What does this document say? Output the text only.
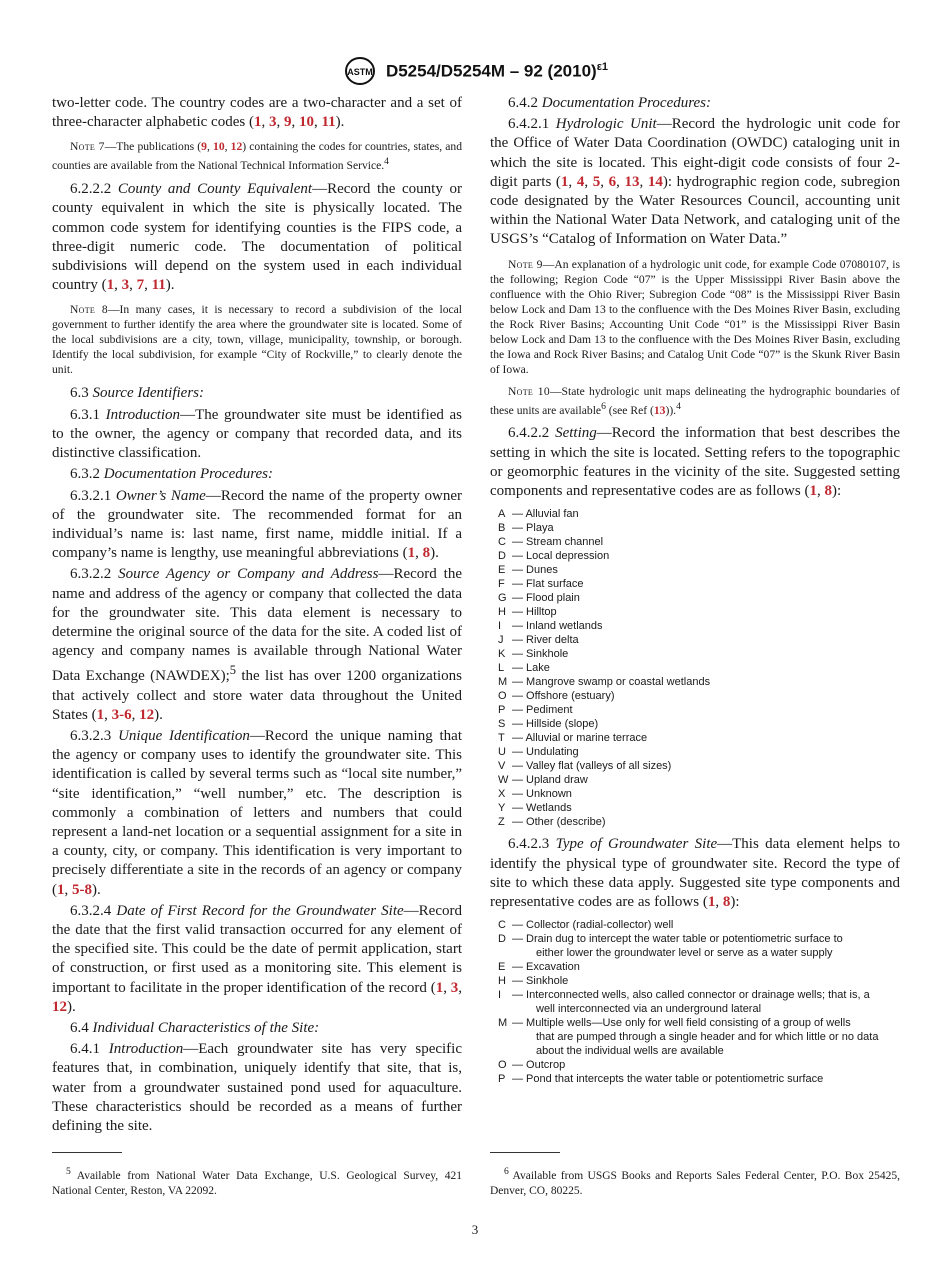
ASTM D5254/D5254M – 92 $(2010)^{\varepsilon 1}$

two-letter code. The country codes are a two-character and a set of three-character alphabetic codes (1, 3, 9, 10, 11).

Note 7—The publications (9, 10, 12) containing the codes for countries, states, and counties are available from the National Technical Information Service.$^4$

6.2.2.2 County and County Equivalent—Record the county or county equivalent in which the site is physically located. The common code system for identifying counties is the FIPS code, a three-digit numeric code. The documentation of political subdivisions will depend on the system used in each individual country (1, 3, 7, 11).

Note 8—In many cases, it is necessary to record a subdivision of the local government to further identify the area where the groundwater site is located. Some of the local subdivisions are a city, town, village, municipality, township, or borough. Identify the local subdivision, for example “City of Rockville,” to clearly denote the unit.

6.3 Source Identifiers:

6.3.1 Introduction—The groundwater site must be identified as to the owner, the agency or company that recorded data, and its distinctive classification.

6.3.2 Documentation Procedures:

6.3.2.1 Owner’s Name—Record the name of the property owner of the groundwater site. The recommended format for an individual’s name is: last name, first name, middle initial. If a company’s name is lengthy, use meaningful abbreviations (1, 8).

6.3.2.2 Source Agency or Company and Address—Record the name and address of the agency or company that collected the data for the groundwater site. This data element is necessary to determine the original source of the data for the site. A coded list of agency and company names is available through National Water Data Exchange (NAWDEX);$^5$ the list has over 1200 organizations that actively collect and store water data throughout the United States (1, 3-6, 12).

6.3.2.3 Unique Identification—Record the unique naming that the agency or company uses to identify the groundwater site. This identification is called by several terms such as “local site number,” “site identification,” “well number,” etc. The description is commonly a combination of letters and numbers that could represent a land-net location or a sequential assignment for a site in a county, city, or company. This identification is very important to precisely differentiate a site in the records of an agency or company (1, 5-8).

6.3.2.4 Date of First Record for the Groundwater Site—Record the date that the first valid transaction occurred for any element of the specified site. This could be the date of permit application, start of construction, or first used as a monitoring site. This element is important to facilitate in the proper identification of the record (1, 3, 12).

6.4 Individual Characteristics of the Site:

6.4.1 Introduction—Each groundwater site has very specific features that, in combination, uniquely identify that site, that is, water from a groundwater sustained pond used for aquaculture. These characteristics should be recorded as a means of further defining the site.

6.4.2 Documentation Procedures:

6.4.2.1 Hydrologic Unit—Record the hydrologic unit code for the Office of Water Data Coordination (OWDC) cataloging unit in which the site is located. This eight-digit code consists of four 2-digit parts (1, 4, 5, 6, 13, 14): hydrographic region code, subregion code designated by the Water Resources Council, accounting unit within the National Water Data Network, and cataloging unit of the USGS’s “Catalog of Information on Water Data.”

Note 9—An explanation of a hydrologic unit code, for example Code 07080107, is the following; Region Code “07” is the Upper Mississippi River Basin above the confluence with the Ohio River; Subregion Code “08” is the Mississippi River Basin below Lock and Dam 13 to the confluence with the Des Moines River Basin, excluding the Rock River Basins; Accounting Unit Code “01” is the Mississippi River Basin below Lock and Dam 13 to the confluence with the Des Moines River Basin, excluding the Iowa and Rock River Basins; and Catalog Unit Code “07” is the Skunk River Basin of Iowa.

Note 10—State hydrologic unit maps delineating the hydrographic boundaries of these units are available$^6$ (see Ref (13)).$^4$

6.4.2.2 Setting—Record the information that best describes the setting in which the site is located. Setting refers to the topographic or geomorphic features in the vicinity of the site. Suggested setting components and representative codes are as follows (1, 8):

A — Alluvial fan
B — Playa
C — Stream channel
D — Local depression
E — Dunes
F — Flat surface
G — Flood plain
H — Hilltop
I — Inland wetlands
J — River delta
K — Sinkhole
L — Lake
M — Mangrove swamp or coastal wetlands
O — Offshore (estuary)
P — Pediment
S — Hillside (slope)
T — Alluvial or marine terrace
U — Undulating
V — Valley flat (valleys of all sizes)
W — Upland draw
X — Unknown
Y — Wetlands
Z — Other (describe)

6.4.2.3 Type of Groundwater Site—This data element helps to identify the physical type of groundwater site. Record the type of site to which these data apply. Suggested site type components and representative codes are as follows (1, 8):

C — Collector (radial-collector) well
D — Drain dug to intercept the water table or potentiometric surface to
either lower the groundwater level or serve as a water supply
E — Excavation
H — Sinkhole
I — Interconnected wells, also called connector or drainage wells; that is, a
well interconnected via an underground lateral
M — Multiple wells—Use only for well field consisting of a group of wells
that are pumped through a single header and for which little or no data about the individual wells are available
O — Outcrop
P — Pond that intercepts the water table or potentiometric surface
$^5$ Available from National Water Data Exchange, U.S. Geological Survey, 421 National Center, Reston, VA 22092.
$^6$ Available from USGS Books and Reports Sales Federal Center, P.O. Box 25425, Denver, CO, 80225.
3
